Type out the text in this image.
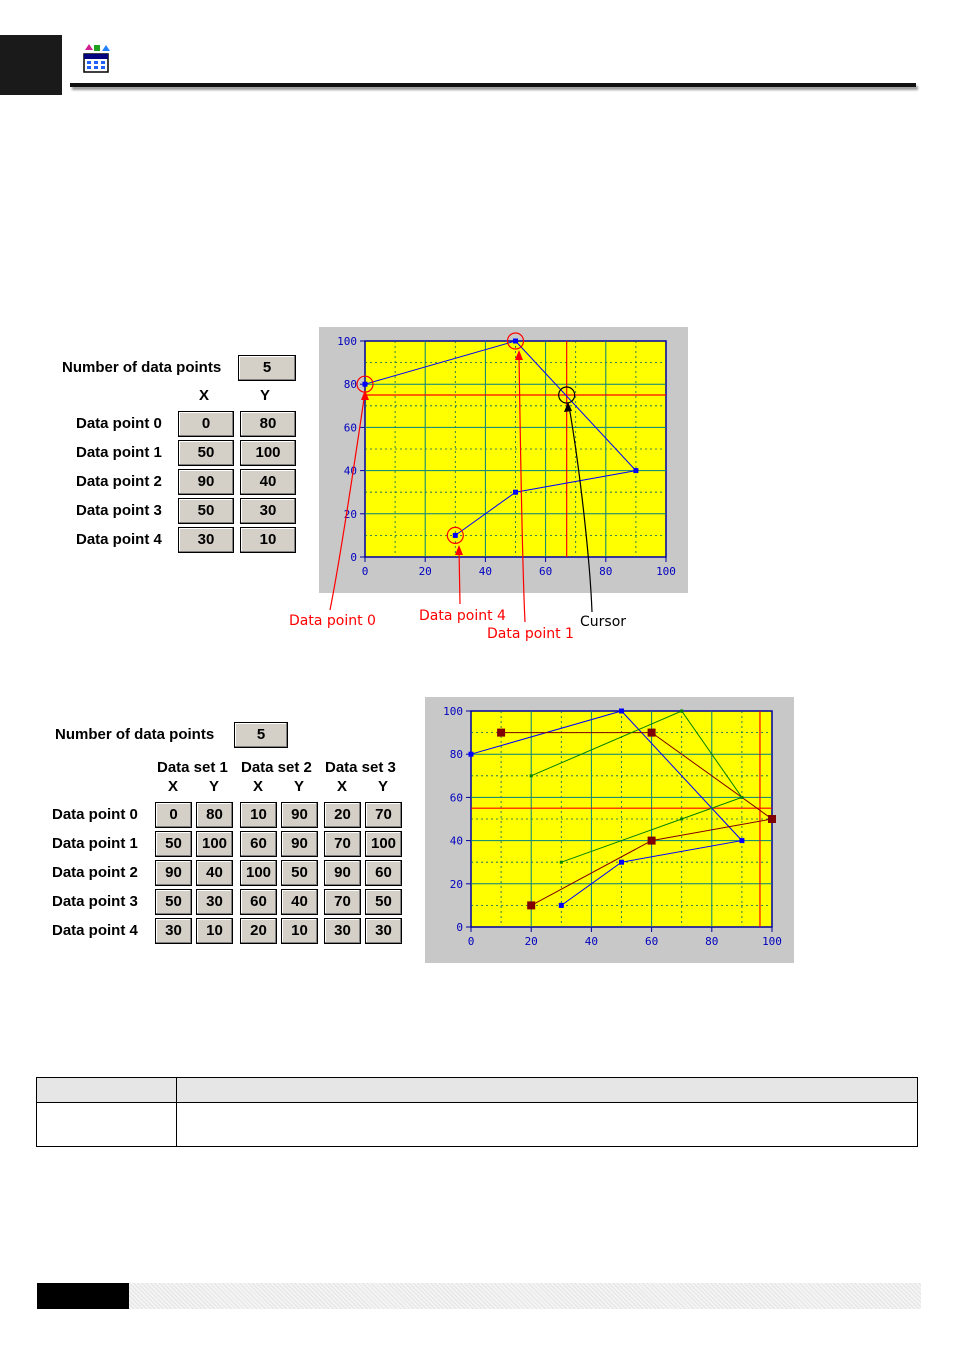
Number of data points	5
X	Y
Data point 0	0	80
Data point 1	50	100
Data point 2	90	40
Data point 3	50	30
Data point 4	30	10
0	20	40	60	80	100
0
20
40
60
80
100
Data point 0	Data point 4
Data point 1
Cursor
Number of data points	5
Data set 1 Data set 2 Data set 3
X Y X Y X Y
Data point 0	0	80	10	90	20	70
Data point 1	50	100	60	90	70	100
Data point 2	90	40	100	50	90	60
Data point 3	50	30	60	40	70	50
Data point 4	30	10	20	10	30	30
0	20	40	60	80	100
0
20
40
60
80
100
